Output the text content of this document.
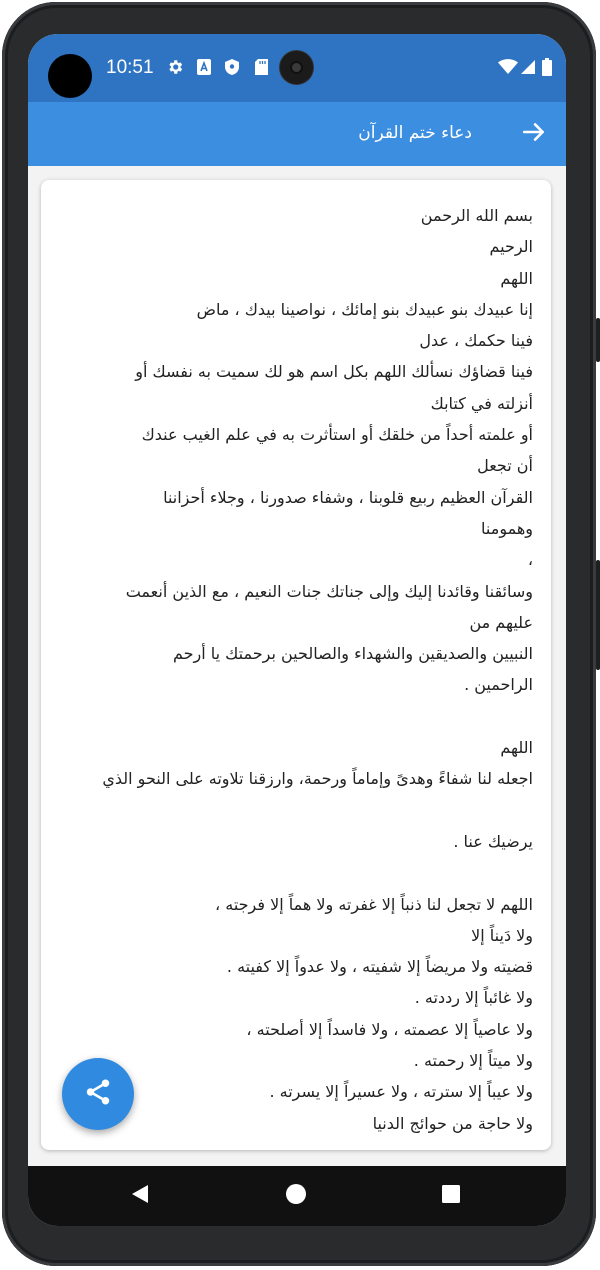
10:51
دعاء ختم القرآن
بسم الله الرحمن
الرحيم
اللهم
إنا عبيدك بنو عبيدك بنو إمائك ، نواصينا بيدك ، ماض
فينا حكمك ، عدل
فينا قضاؤك نسألك اللهم بكل اسم هو لك سميت به نفسك أو
أنزلته في كتابك
أو علمته أحداً من خلقك أو استأثرت به في علم الغيب عندك
أن تجعل
القرآن العظيم ربيع قلوبنا ، وشفاء صدورنا ، وجلاء أحزاننا
وهمومنا
،
وسائقنا وقائدنا إليك وإلى جناتك جنات النعيم ، مع الذين أنعمت
عليهم من
النبيين والصديقين والشهداء والصالحين برحمتك يا أرحم
الراحمين .
اللهم
اجعله لنا شفاءً وهدىً وإماماً ورحمة، وارزقنا تلاوته على النحو الذي
يرضيك عنا .
اللهم لا تجعل لنا ذنباً إلا غفرته ولا هماً إلا فرجته ،
ولا دَيناً إلا
قضيته ولا مريضاً إلا شفيته ، ولا عدواً إلا كفيته .
ولا غائباً إلا رددته .
ولا عاصياً إلا عصمته ، ولا فاسداً إلا أصلحته ،
ولا ميتاً إلا رحمته .
ولا عيباً إلا سترته ، ولا عسيراً إلا يسرته .
ولا حاجة من حوائج الدنيا
